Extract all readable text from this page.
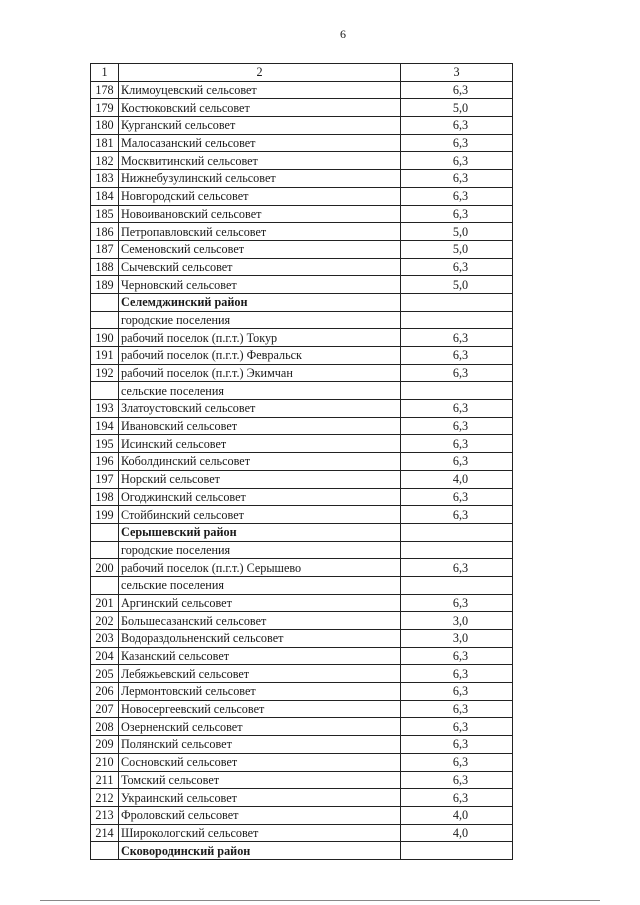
6
1	2	3
178	Климоуцевский сельсовет	6,3
179	Костюковский сельсовет	5,0
180	Курганский сельсовет	6,3
181	Малосазанский сельсовет	6,3
182	Москвитинский сельсовет	6,3
183	Нижнебузулинский сельсовет	6,3
184	Новгородский сельсовет	6,3
185	Новоивановский сельсовет	6,3
186	Петропавловский сельсовет	5,0
187	Семеновский сельсовет	5,0
188	Сычевский сельсовет	6,3
189	Черновский сельсовет	5,0
	Селемджинский район	
	городские поселения	
190	рабочий поселок (п.г.т.) Токур	6,3
191	рабочий поселок (п.г.т.) Февральск	6,3
192	рабочий поселок (п.г.т.) Экимчан	6,3
	сельские поселения	
193	Златоустовский сельсовет	6,3
194	Ивановский сельсовет	6,3
195	Исинский сельсовет	6,3
196	Коболдинский сельсовет	6,3
197	Норский сельсовет	4,0
198	Огоджинский сельсовет	6,3
199	Стойбинский сельсовет	6,3
	Серышевский район	
	городские поселения	
200	рабочий поселок (п.г.т.) Серышево	6,3
	сельские поселения	
201	Аргинский сельсовет	6,3
202	Большесазанский сельсовет	3,0
203	Водораздольненский сельсовет	3,0
204	Казанский сельсовет	6,3
205	Лебяжьевский сельсовет	6,3
206	Лермонтовский сельсовет	6,3
207	Новосергеевский сельсовет	6,3
208	Озерненский сельсовет	6,3
209	Полянский сельсовет	6,3
210	Сосновский сельсовет	6,3
211	Томский сельсовет	6,3
212	Украинский сельсовет	6,3
213	Фроловский сельсовет	4,0
214	Широкологский сельсовет	4,0
	Сковородинский район	
